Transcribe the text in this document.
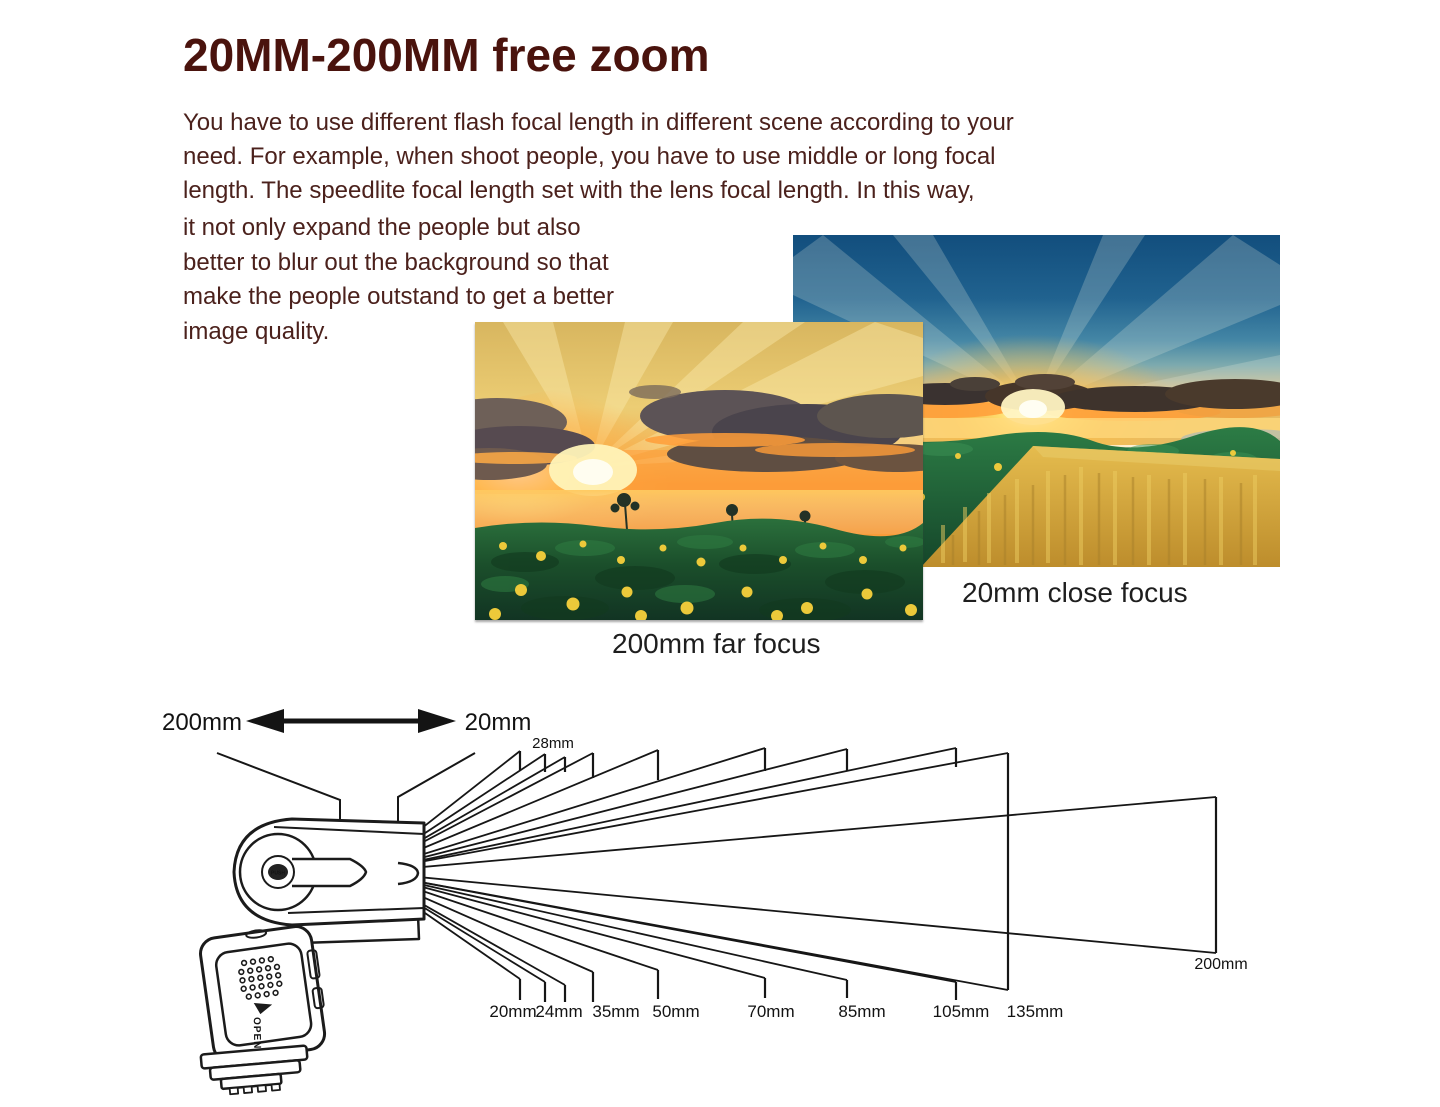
20MM-200MM free zoom
You have to use different flash focal length in different scene according to your
need. For example, when shoot people, you have to use middle or long focal
length. The speedlite focal length set with the lens focal length. In this way,
it not only expand the people but also
better to blur out the background so that
make the people outstand to get a better
image quality.
200mm far focus
20mm close focus
200mm	20mm
20mm
24mm
28mm
35mm 50mm	70mm	85mm	105mm 135mm
200mm
OPEN
PUSH
